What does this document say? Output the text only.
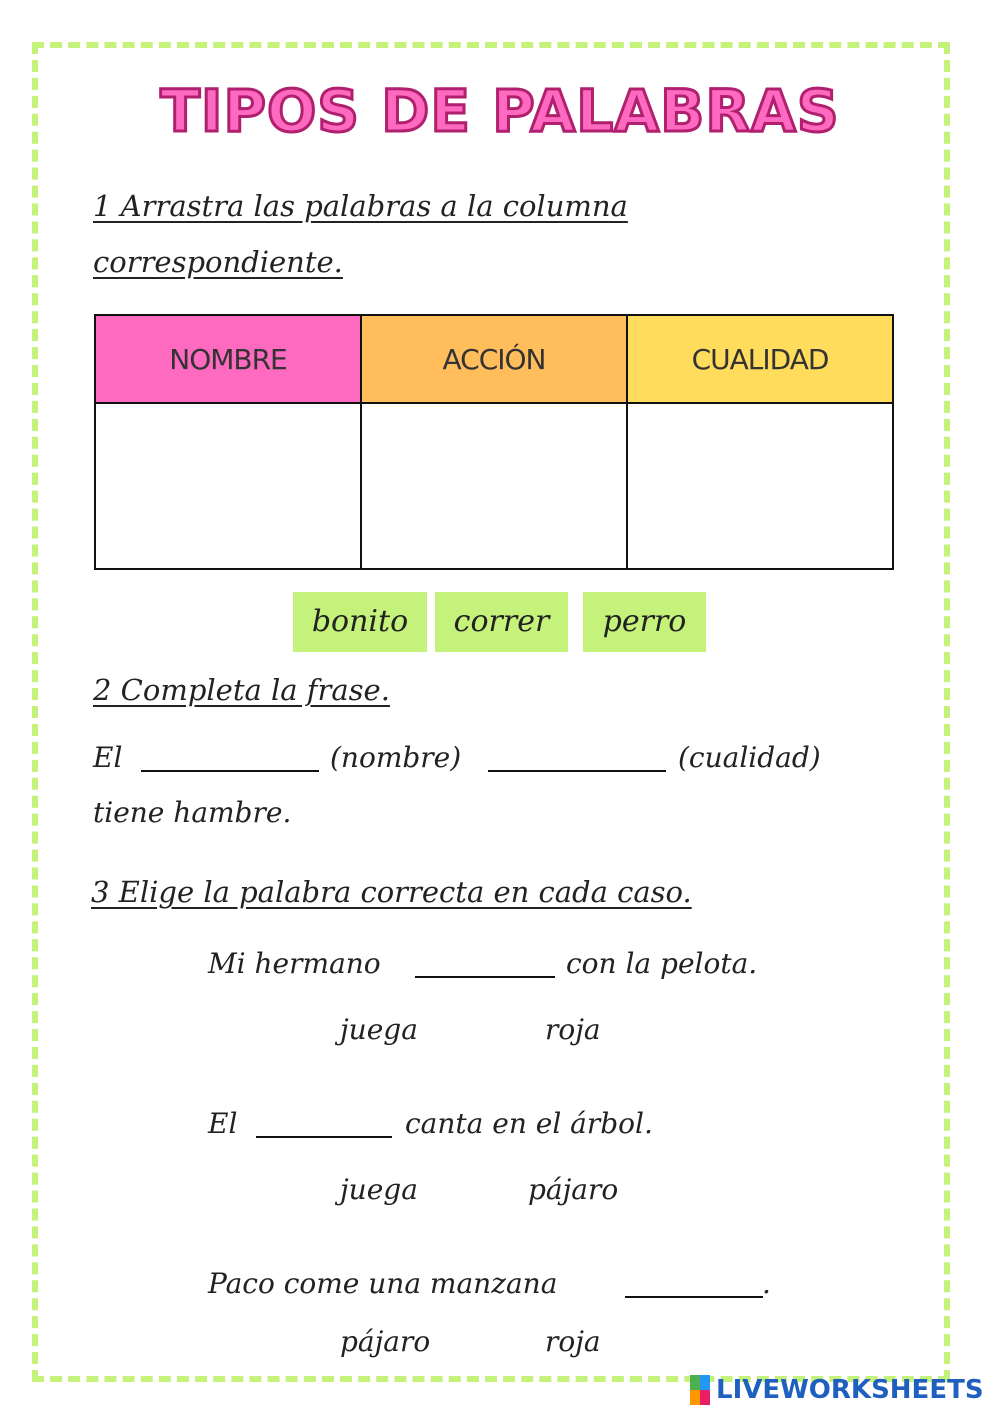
TIPOS DE PALABRAS
1 Arrastra las palabras a la columna
correspondiente.
NOMBRE	ACCIÓN	CUALIDAD

bonito	correr	perro
2 Completa la frase.
El	(nombre)	(cualidad)
tiene hambre.
3 Elige la palabra correcta en cada caso.
Mi hermano	con la pelota.
juega	roja
El	canta en el árbol.
juega	pájaro
Paco come una manzana	.
pájaro	roja
LIVEWORKSHEETS
